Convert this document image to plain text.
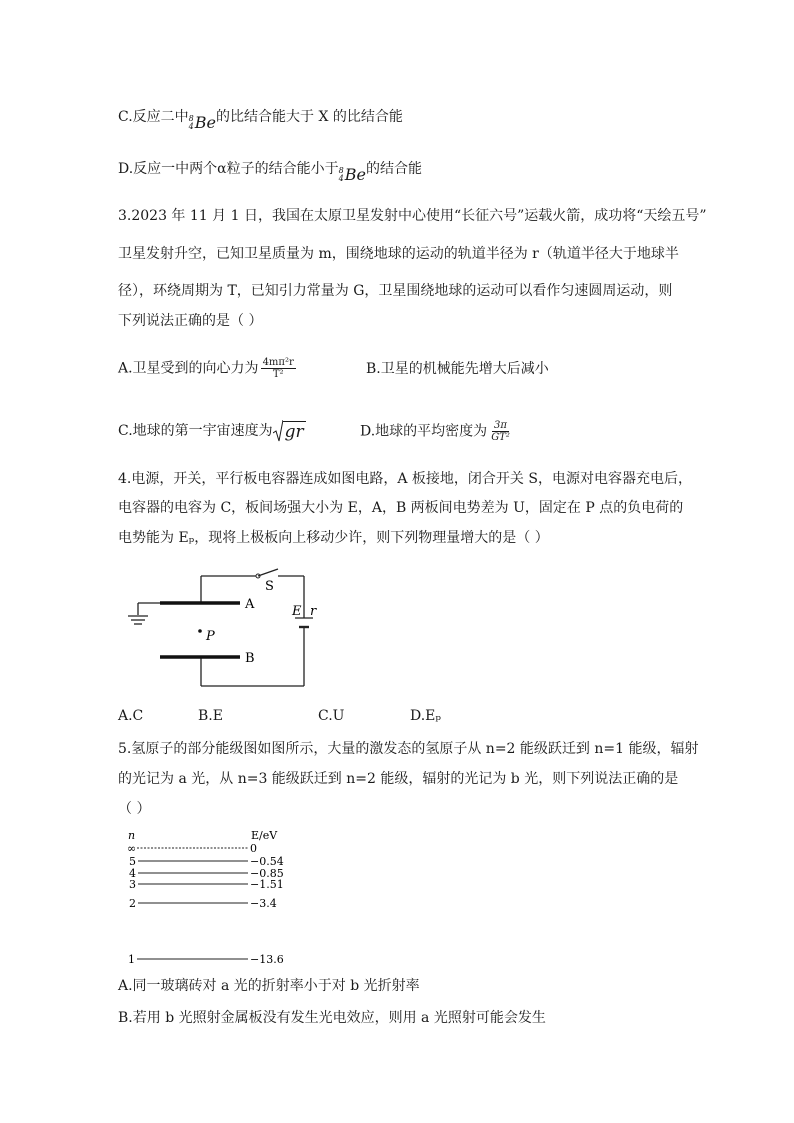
C.反应二中 8
4 Be 的比结合能大于 X 的比结合能
D.反应一中两个α粒子的结合能小于 8
4 Be 的结合能
3.2023 年 11 月 1 日，我国在太原卫星发射中心使用“长征六号”运载火箭，成功将“天绘五号”
卫星发射升空，已知卫星质量为 m，围绕地球的运动的轨道半径为 r（轨道半径大于地球半
径），环绕周期为 T，已知引力常量为 G，卫星围绕地球的运动可以看作匀速圆周运动，则
下列说法正确的是（ ）
A.卫星受到的向心力为 $\frac{\text{4mπ²r}}{\text{T²}}$	B.卫星的机械能先增大后减小
C.地球的第一宇宙速度为 gr	D.地球的平均密度为 $\frac{3\pi}{\text{GT²}}$
4.电源，开关，平行板电容器连成如图电路，A 板接地，闭合开关 S，电源对电容器充电后，
电容器的电容为 C，板间场强大小为 E，A，B 两板间电势差为 U，固定在 P 点的负电荷的
电势能为 Eₚ，现将上极板向上移动少许，则下列物理量增大的是（ ）
S
A
B
P
E r
A.C	B.E	C.U	D.Eₚ
5.氢原子的部分能级图如图所示，大量的激发态的氢原子从 n=2 能级跃迁到 n=1 能级，辐射
的光记为 a 光，从 n=3 能级跃迁到 n=2 能级，辐射的光记为 b 光，则下列说法正确的是
（ ）
n	E/eV
∞	0
5	−0.54
4	−0.85
3	−1.51
2	−3.4
1	−13.6
A.同一玻璃砖对 a 光的折射率小于对 b 光折射率
B.若用 b 光照射金属板没有发生光电效应，则用 a 光照射可能会发生
